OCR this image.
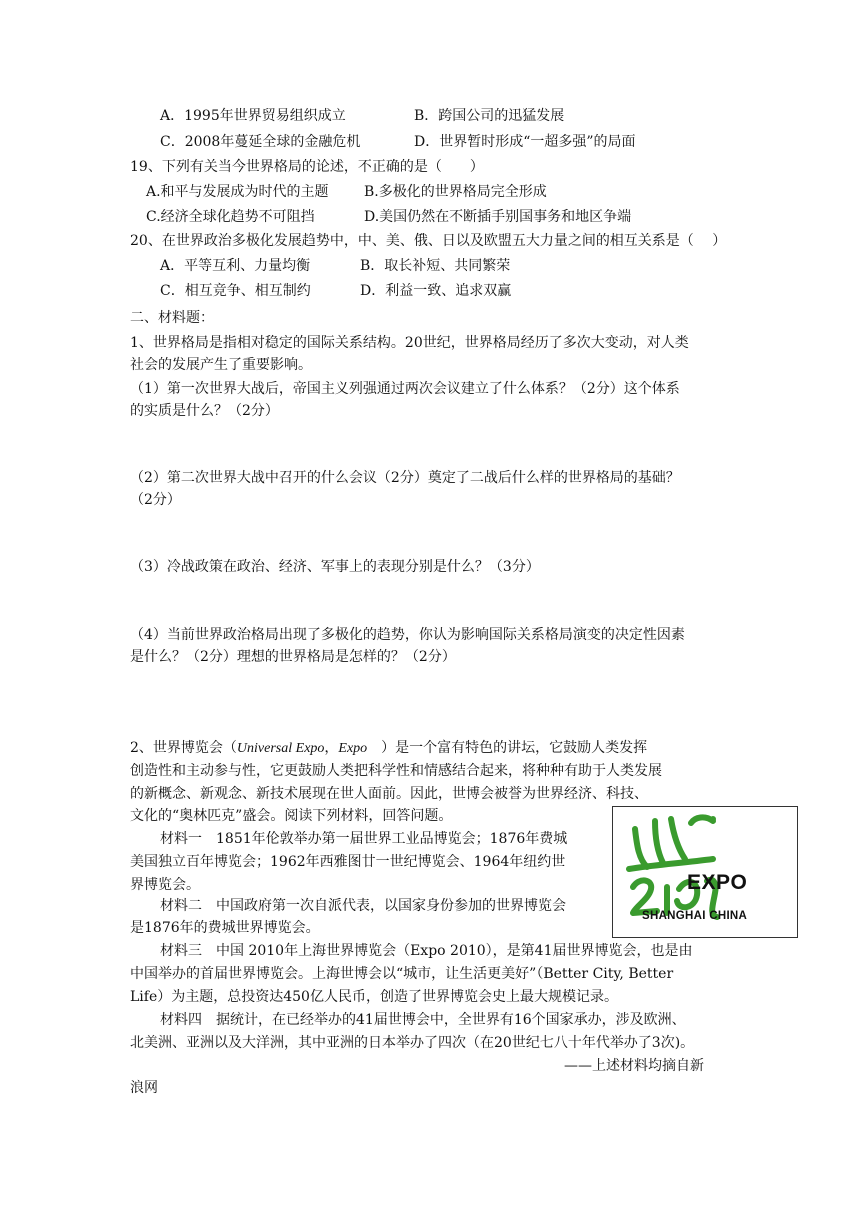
A．1995年世界贸易组织成立	B．跨国公司的迅猛发展
C．2008年蔓延全球的金融危机	D．世界暂时形成“一超多强”的局面
19、下列有关当今世界格局的论述，不正确的是（　　）
A.和平与发展成为时代的主题	B.多极化的世界格局完全形成
C.经济全球化趋势不可阻挡	D.美国仍然在不断插手别国事务和地区争端
20、在世界政治多极化发展趋势中，中、美、俄、日以及欧盟五大力量之间的相互关系是（　 ）
A．平等互利、力量均衡	B．取长补短、共同繁荣
C．相互竞争、相互制约	D．利益一致、追求双赢
二、材料题：
1、世界格局是指相对稳定的国际关系结构。20世纪，世界格局经历了多次大变动，对人类
社会的发展产生了重要影响。
（1）第一次世界大战后，帝国主义列强通过两次会议建立了什么体系？（2分）这个体系
的实质是什么？（2分）
（2）第二次世界大战中召开的什么会议（2分）奠定了二战后什么样的世界格局的基础？
（2分）
（3）冷战政策在政治、经济、军事上的表现分别是什么？（3分）
（4）当前世界政治格局出现了多极化的趋势，你认为影响国际关系格局演变的决定性因素
是什么？（2分）理想的世界格局是怎样的？（2分）
2、世界博览会（Universal Expo，Expo　）是一个富有特色的讲坛，它鼓励人类发挥
创造性和主动参与性，它更鼓励人类把科学性和情感结合起来，将种种有助于人类发展
的新概念、新观念、新技术展现在世人面前。因此，世博会被誉为世界经济、科技、
文化的“奥林匹克”盛会。阅读下列材料，回答问题。
材料一　1851年伦敦举办第一届世界工业品博览会；1876年费城
美国独立百年博览会；1962年西雅图廿一世纪博览会、1964年纽约世
界博览会。
材料二　中国政府第一次自派代表，以国家身份参加的世界博览会
是1876年的费城世界博览会。
材料三　中国 2010年上海世界博览会（Expo 2010），是第41届世界博览会，也是由
中国举办的首届世界博览会。上海世博会以“城市，让生活更美好”（Better City, Better
Life）为主题，总投资达450亿人民币，创造了世界博览会史上最大规模记录。
材料四　据统计，在已经举办的41届世博会中，全世界有16个国家承办，涉及欧洲、
北美洲、亚洲以及大洋洲，其中亚洲的日本举办了四次（在20世纪七八十年代举办了3次)。
——上述材料均摘自新
浪网
EXPO
SHANGHAI CHINA
